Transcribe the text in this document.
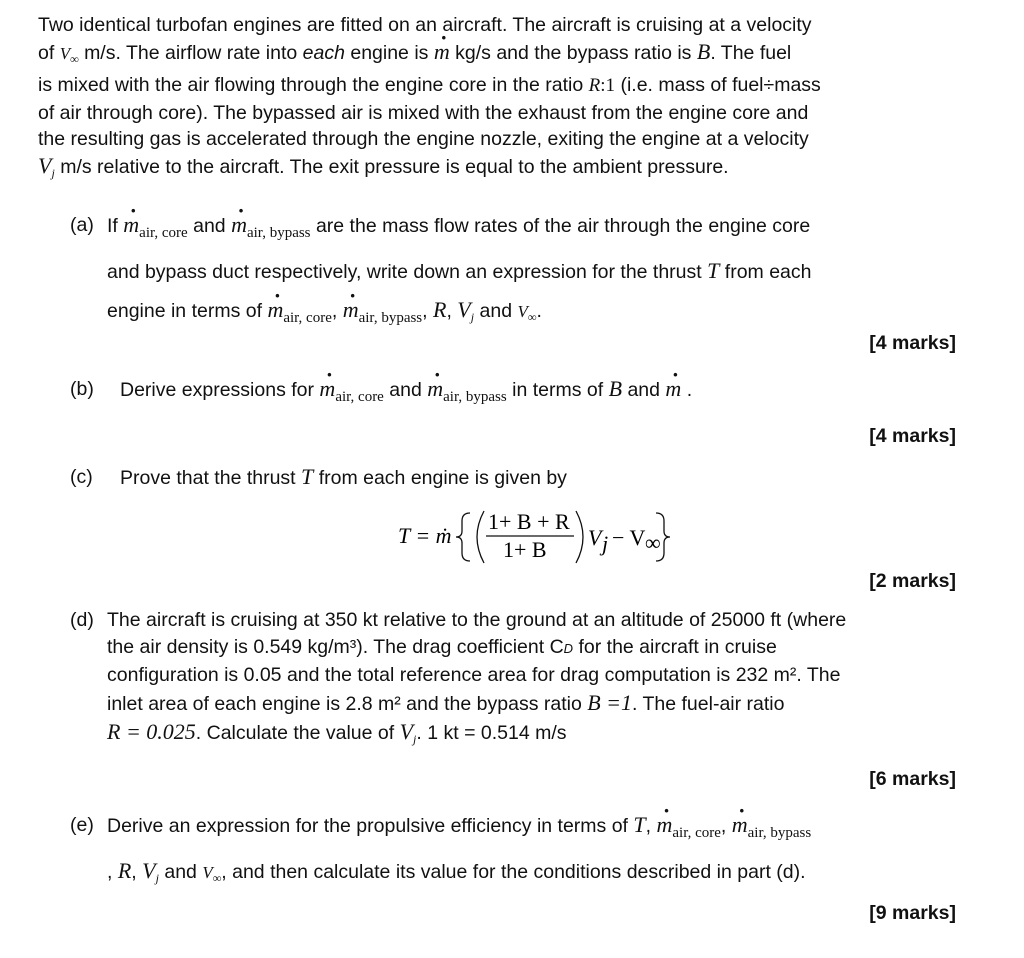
Two identical turbofan engines are fitted on an aircraft. The aircraft is cruising at a velocity
of $V_\infty$ m/s. The airflow rate into each engine is · m kg/s and the bypass ratio is B. The fuel
is mixed with the air flowing through the engine core in the ratio R:1 (i.e. mass of fuel÷mass
of air through core). The bypassed air is mixed with the exhaust from the engine core and
the resulting gas is accelerated through the engine nozzle, exiting the engine at a velocity
Vj m/s relative to the aircraft. The exit pressure is equal to the ambient pressure.
(a) $If \cdot m_{air, core}$ and · $m_{air, bypass}$ are the mass flow rates of the air through the engine core
and bypass duct respectively, write down an expression for the thrust T from each
engine in terms of · $m_{air, core}$, · $m_{air, bypass}$, R, Vj and $V_\infty$.
[4 marks]
(b) Derive expressions for · $m_{air, core}$ and · $m_{air, bypass}$ in terms of B and · m .
[4 marks]
(c) Prove that the thrust T from each engine is given by
T = ṁ
1+ B + R
1+ B V j − V ∞
[2 marks]
(d) The aircraft is cruising at 350 kt relative to the ground at an altitude of 25000 ft (where
the air density is 0.549 kg/m³). The drag coefficient CD for the aircraft in cruise
configuration is 0.05 and the total reference area for drag computation is 232 m². The
inlet area of each engine is 2.8 m² and the bypass ratio B =1. The fuel-air ratio
R = 0.025. Calculate the value of Vj. 1 kt = 0.514 m/s
[6 marks]
(e) Derive an expression for the propulsive efficiency in terms of T, · $m_{air, core}$, · $m_{air, bypass}$
, R, Vj and $V_\infty$, and then calculate its value for the conditions described in part (d).
[9 marks]
